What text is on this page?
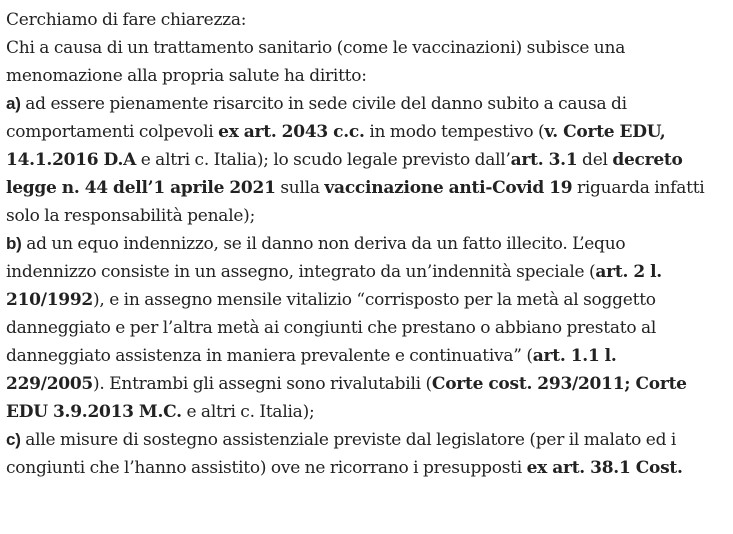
Cerchiamo di fare chiarezza:
Chi a causa di un trattamento sanitario (come le vaccinazioni) subisce una
menomazione alla propria salute ha diritto:
a) ad essere pienamente risarcito in sede civile del danno subito a causa di
comportamenti colpevoli ex art. 2043 c.c. in modo tempestivo (v. Corte EDU,
14.1.2016 D.A e altri c. Italia); lo scudo legale previsto dall’art. 3.1 del decreto
legge n. 44 dell’1 aprile 2021 sulla vaccinazione anti-Covid 19 riguarda infatti
solo la responsabilità penale);
b) ad un equo indennizzo, se il danno non deriva da un fatto illecito. L’equo
indennizzo consiste in un assegno, integrato da un’indennità speciale (art. 2 l.
210/1992), e in assegno mensile vitalizio “corrisposto per la metà al soggetto
danneggiato e per l’altra metà ai congiunti che prestano o abbiano prestato al
danneggiato assistenza in maniera prevalente e continuativa” (art. 1.1 l.
229/2005). Entrambi gli assegni sono rivalutabili (Corte cost. 293/2011; Corte
EDU 3.9.2013 M.C. e altri c. Italia);
c) alle misure di sostegno assistenziale previste dal legislatore (per il malato ed i
congiunti che l’hanno assistito) ove ne ricorrano i presupposti ex art. 38.1 Cost.
